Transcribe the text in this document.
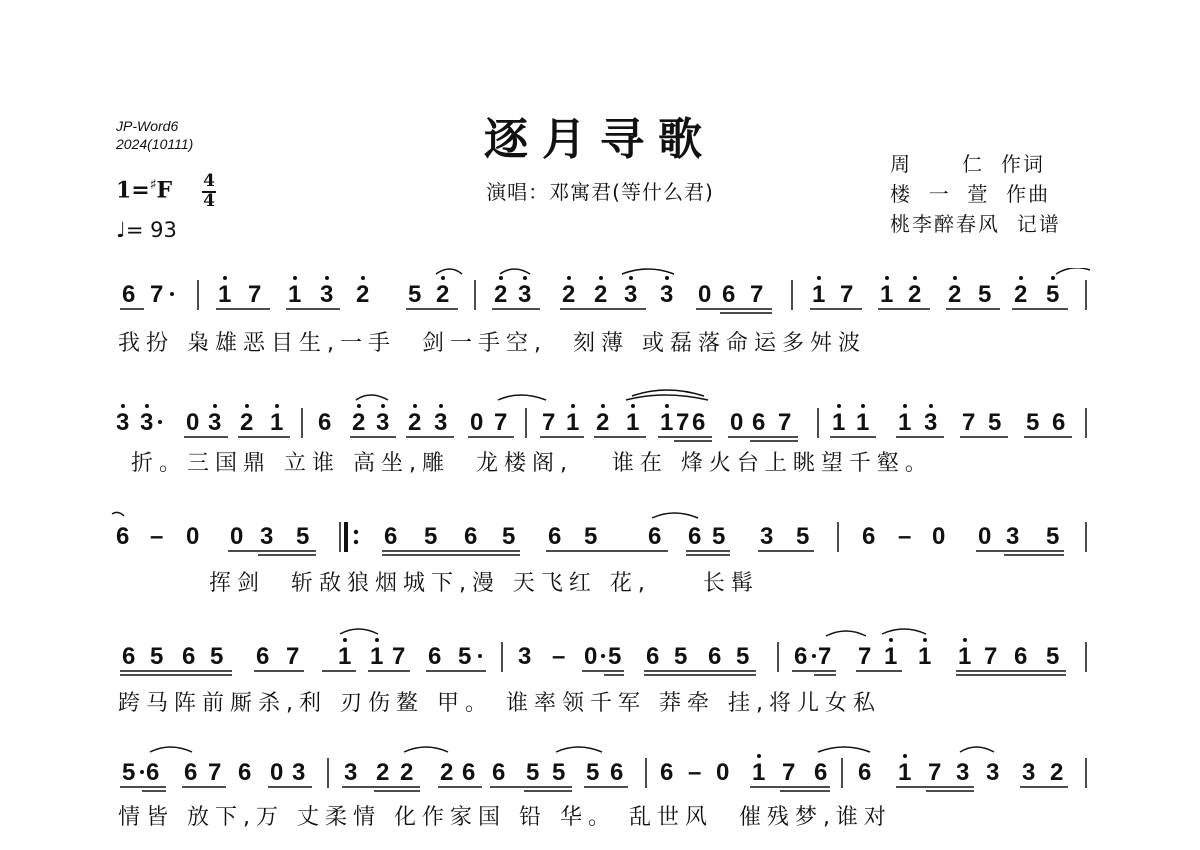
JP-Word6
2024(10111)	逐月寻歌
演唱：邓寓君(等什么君)
周      仁  作词
楼  一  萱  作曲
桃李醉春风  记谱
1=♯F 4
4
♩= 93
6 7 1 7 1 3 2 5 2 2 3 2 2 3 3 0 6 7 1 7 1 2 2 5 2 5
我扮 枭雄恶目生,一手  剑一手空,  刻薄 或磊落命运多舛波
3 3 0 3 2 1 6 2 3 2 3 0 7 7 1 2 1 1 7 6 0 6 7 1 1 1 3 7 5 5 6
折。三国鼎 立谁 高坐,雕  龙楼阁,   谁在 烽火台上眺望千壑。
6 – 0 0 3 5	6 5 6 5 6 5 6 6 5 3 5 6 – 0 0 3 5
挥剑  斩敌狼烟城下,漫 天飞红 花,    长髯
6 5 6 5 6 7 1 1 7 6 5 3 – 0 5 6 5 6 5 6 7 7 1 1 1 7 6 5
跨马阵前厮杀,利 刃伤鳌 甲。 谁率领千军 莽牵 挂,将儿女私
5 6 6 7 6 0 3 3 2 2 2 6 6 5 5 5 6 6 – 0 1 7 6 6 1 7 3 3 3 2
情皆 放下,万 丈柔情 化作家国 铅 华。 乱世风  催残梦,谁对
